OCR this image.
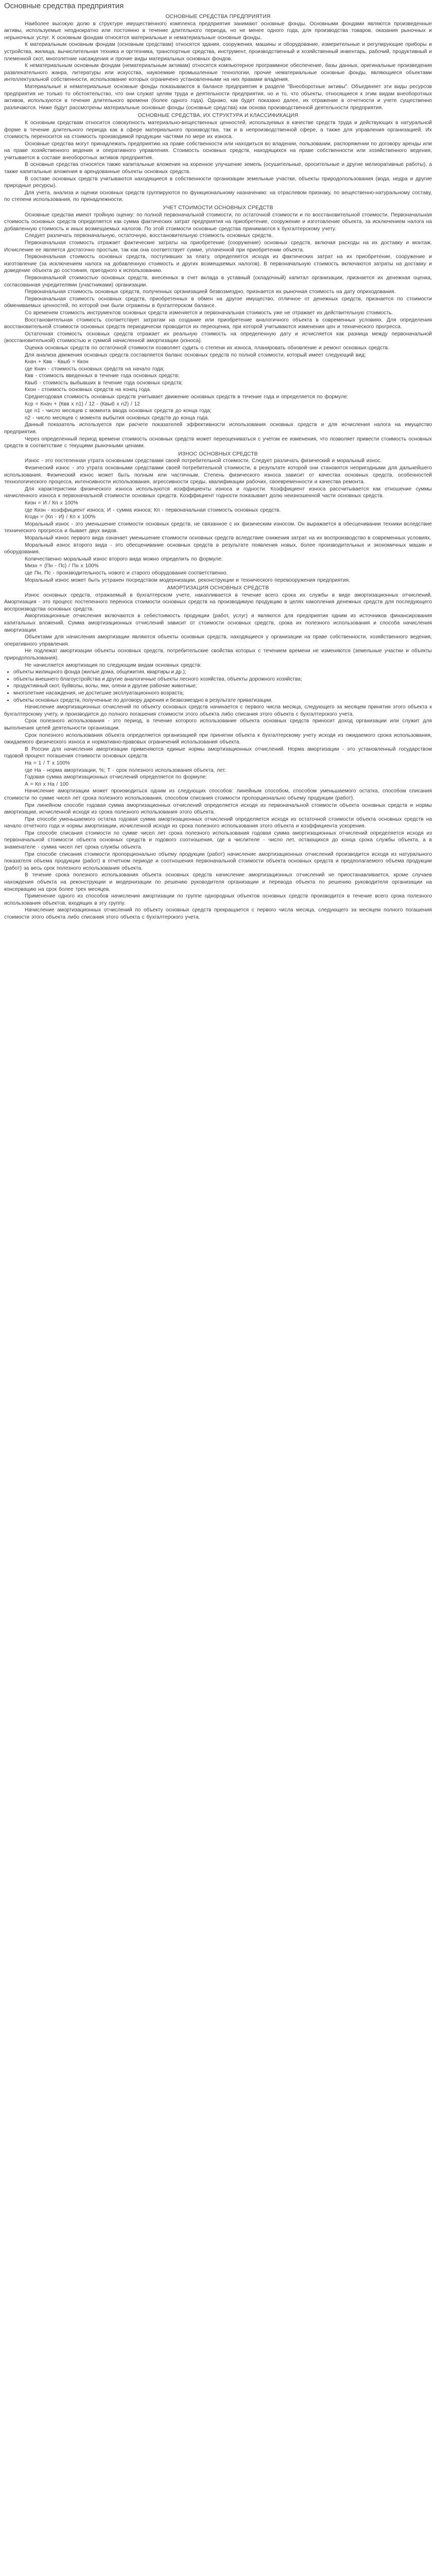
Основные средства предприятия
ОСНОВНЫЕ СРЕДСТВА ПРЕДПРИЯТИЯ

Наиболее высокую долю в структуре имущественного комплекса предприятия занимают основные фонды. Основными фондами являются произведенные активы, используемые неоднократно или постоянно в течение длительного периода, но не менее одного года, для производства товаров, оказания рыночных и нерыночных услуг. К основным фондам относятся материальные и нематериальные основные фонды.

К материальным основным фондам (основным средствам) относятся здания, сооружения, машины и оборудование, измерительные и регулирующие приборы и устройства, жилища, вычислительная техника и оргтехника, транспортные средства, инструмент, производственный и хозяйственный инвентарь, рабочий, продуктивный и племенной скот, многолетние насаждения и прочие виды материальных основных фондов.

К нематериальным основным фондам (нематериальным активам) относятся компьютерное программное обеспечение, базы данных, оригинальные произведения развлекательного жанра, литературы или искусства, наукоемкие промышленные технологии, прочие нематериальные основные фонды, являющиеся объектами интеллектуальной собственности, использование которых ограничено установленными на них правами владения.

Материальные и нематериальные основные фонды показываются в балансе предприятия в разделе "Внеоборотные активы". Объединяет эти виды ресурсов предприятия не только то обстоятельство, что они служат целям труда и деятельности предприятия, но и то, что объекты, относящиеся к этим видам внеоборотных активов, используются в течение длительного времени (более одного года). Однако, как будет показано далее, их отражение в отчетности и учете существенно различаются. Ниже будут рассмотрены материальные основные фонды (основные средства) как основа производственной деятельности предприятия.

ОСНОВНЫЕ СРЕДСТВА, ИХ СТРУКТУРА И КЛАССИФИКАЦИЯ

К основным средствам относится совокупность материально-вещественных ценностей, используемых в качестве средств труда и действующих в натуральной форме в течение длительного периода как в сфере материального производства, так и в непроизводственной сфере, а также для управления организацией. Их стоимость переносится на стоимость производимой продукции частями по мере их износа.

Основные средства могут принадлежать предприятию на праве собственности или находиться во владении, пользовании, распоряжении по договору аренды или на праве хозяйственного ведения и оперативного управления. Стоимость основных средств, находящихся на праве собственности или хозяйственного ведения, учитывается в составе внеоборотных активов предприятия.

В основные средства относятся также капитальные вложения на коренное улучшение земель (осушительные, оросительные и другие мелиоративные работы), а также капитальные вложения в арендованные объекты основных средств.

В составе основных средств учитываются находящиеся в собственности организации земельные участки, объекты природопользования (вода, недра и другие природные ресурсы).

Для учета, анализа и оценки основных средств группируются по функциональному назначению: на отраслевом признаку, по вещественно-натуральному составу, по степени использования, по принадлежности.

УЧЕТ СТОИМОСТИ ОСНОВНЫХ СРЕДСТВ

Основные средства имеют тройную оценку: по полной первоначальной стоимости, по остаточной стоимости и по восстановительной стоимости. Первоначальная стоимость основных средств определяется как сумма фактических затрат предприятия на приобретение, сооружение и изготовление объекта, за исключением налога на добавленную стоимость и иных возмещаемых налогов. По этой стоимости основные средства принимаются к бухгалтерскому учету.

Следует различать первоначальную, остаточную, восстановительную стоимость основных средств.

Первоначальная стоимость отражает фактические затраты на приобретение (сооружение) основных средств, включая расходы на их доставку и монтаж. Исчисление ее является достаточно простым, так как она соответствует сумме, уплаченной при приобретении объекта.

Первоначальная стоимость основных средств, поступивших за плату, определяется исходя из фактических затрат на их приобретение, сооружение и изготовление (за исключением налога на добавленную стоимость и других возмещаемых налогов). В первоначальную стоимость включаются затраты на доставку и доведение объекта до состояния, пригодного к использованию.

Первоначальной стоимостью основных средств, внесенных в счет вклада в уставный (складочный) капитал организации, признается их денежная оценка, согласованная учредителями (участниками) организации.

Первоначальная стоимость основных средств, полученных организацией безвозмездно, признается их рыночная стоимость на дату оприходования.

Первоначальная стоимость основных средств, приобретенных в обмен на другое имущество, отличное от денежных средств, признается по стоимости обмениваемых ценностей, по которой они были отражены в бухгалтерском балансе.

Со временем стоимость инструментов основных средств изменяется и первоначальная стоимость уже не отражает их действительную стоимость.

Восстановительная стоимость соответствует затратам на создание или приобретение аналогичного объекта в современных условиях. Для определения восстановительной стоимости основных средств периодически проводится их переоценка, при которой учитываются изменения цен и технического прогресса.

Остаточная стоимость основных средств отражает их реальную стоимость на определенную дату и исчисляется как разница между первоначальной (восстановительной) стоимостью и суммой начисленной амортизации (износа).

Оценка основных средств по остаточной стоимости позволяет судить о степени их износа, планировать обновление и ремонт основных средств.

Для анализа движения основных средств составляется баланс основных средств по полной стоимости, который имеет следующий вид:

Кнач + Квв - Квыб = Ккон

где Кнач - стоимость основных средств на начало года;

Квв - стоимость введенных в течение года основных средств;

Квыб - стоимость выбывших в течение года основных средств;

Ккон - стоимость основных средств на конец года.

Среднегодовая стоимость основных средств учитывает движение основных средств в течение года и определяется по формуле:

Кср = Кнач + (Квв x n1) / 12 - (Квыб x n2) / 12

где n1 - число месяцев с момента ввода основных средств до конца года;

n2 - число месяцев с момента выбытия основных средств до конца года.

Данный показатель используется при расчете показателей эффективности использования основных средств и для исчисления налога на имущество предприятия.

Через определенный период времени стоимость основных средств может переоцениваться с учетом ее изменения, что позволяет привести стоимость основных средств в соответствие с текущими рыночными ценами.

ИЗНОС ОСНОВНЫХ СРЕДСТВ

Износ - это постепенная утрата основными средствами своей потребительной стоимости. Следует различать физический и моральный износ.

Физический износ - это утрата основными средствами своей потребительной стоимости, в результате которой они становятся непригодными для дальнейшего использования. Физический износ может быть полным или частичным. Степень физического износа зависит от качества основных средств, особенностей технологического процесса, интенсивности использования, агрессивности среды, квалификации рабочих, своевременности и качества ремонта.

Для характеристики физического износа используются коэффициенты износа и годности. Коэффициент износа рассчитывается как отношение суммы начисленного износа к первоначальной стоимости основных средств. Коэффициент годности показывает долю неизношенной части основных средств.

Кизн = И / Кп x 100%

где Кизн - коэффициент износа; И - сумма износа; Кп - первоначальная стоимость основных средств.

Кгодн = (Кп - И) / Кп x 100%

Моральный износ - это уменьшение стоимости основных средств, не связанное с их физическим износом. Он выражается в обесценивании техники вследствие технического прогресса и бывает двух видов.

Моральный износ первого вида означает уменьшение стоимости основных средств вследствие снижения затрат на их воспроизводство в современных условиях.

Моральный износ второго вида - это обесценивание основных средств в результате появления новых, более производительных и экономичных машин и оборудования.

Количественно моральный износ второго вида можно определить по формуле:

Мизн = (Пн - Пс) / Пн x 100%

где Пн, Пс - производительность нового и старого оборудования соответственно.

Моральный износ может быть устранен посредством модернизации, реконструкции и технического перевооружения предприятия.

АМОРТИЗАЦИЯ ОСНОВНЫХ СРЕДСТВ

Износ основных средств, отражаемый в бухгалтерском учете, накапливается в течение всего срока их службы в виде амортизационных отчислений. Амортизация - это процесс постепенного переноса стоимости основных средств на производимую продукцию в целях накопления денежных средств для последующего воспроизводства основных средств.

Амортизационные отчисления включаются в себестоимость продукции (работ, услуг) и являются для предприятия одним из источников финансирования капитальных вложений. Сумма амортизационных отчислений зависит от стоимости основных средств, срока их полезного использования и способа начисления амортизации.

Объектами для начисления амортизации являются объекты основных средств, находящиеся у организации на праве собственности, хозяйственного ведения, оперативного управления.

Не подлежат амортизации объекты основных средств, потребительские свойства которых с течением времени не изменяются (земельные участки и объекты природопользования).

Не начисляется амортизация по следующим видам основных средств:

• объекты жилищного фонда (жилые дома, общежития, квартиры и др.);
• объекты внешнего благоустройства и другие аналогичные объекты лесного хозяйства, объекты дорожного хозяйства;
• продуктивный скот, буйволы, волы, яки, олени и другие рабочие животные;
• многолетние насаждения, не достигшие эксплуатационного возраста;
• объекты основных средств, полученные по договору дарения и безвозмездно в результате приватизации.

Начисление амортизационных отчислений по объекту основных средств начинается с первого числа месяца, следующего за месяцем принятия этого объекта к бухгалтерскому учету, и производится до полного погашения стоимости этого объекта либо списания этого объекта с бухгалтерского учета.

Срок полезного использования - это период, в течение которого использование объекта основных средств приносит доход организации или служит для выполнения целей деятельности организации.

Срок полезного использования объекта определяется организацией при принятии объекта к бухгалтерскому учету исходя из ожидаемого срока использования, ожидаемого физического износа и нормативно-правовых ограничений использования объекта.

В России для начисления амортизации применяются единые нормы амортизационных отчислений. Норма амортизации - это установленный государством годовой процент погашения стоимости основных средств.

На = 1 / Т x 100%

где На - норма амортизации, %; Т - срок полезного использования объекта, лет.

Годовая сумма амортизационных отчислений определяется по формуле:

А = Кп x На / 100

Начисление амортизации может производиться одним из следующих способов: линейным способом, способом уменьшаемого остатка, способом списания стоимости по сумме чисел лет срока полезного использования, способом списания стоимости пропорционально объему продукции (работ).

При линейном способе годовая сумма амортизационных отчислений определяется исходя из первоначальной стоимости объекта основных средств и нормы амортизации, исчисленной исходя из срока полезного использования этого объекта.

При способе уменьшаемого остатка годовая сумма амортизационных отчислений определяется исходя из остаточной стоимости объекта основных средств на начало отчетного года и нормы амортизации, исчисленной исходя из срока полезного использования этого объекта и коэффициента ускорения.

При способе списания стоимости по сумме чисел лет срока полезного использования годовая сумма амортизационных отчислений определяется исходя из первоначальной стоимости объекта основных средств и годового соотношения, где в числителе - число лет, остающихся до конца срока службы объекта, а в знаменателе - сумма чисел лет срока службы объекта.

При способе списания стоимости пропорционально объему продукции (работ) начисление амортизационных отчислений производится исходя из натурального показателя объема продукции (работ) в отчетном периоде и соотношения первоначальной стоимости объекта основных средств и предполагаемого объема продукции (работ) за весь срок полезного использования объекта.

В течение срока полезного использования объекта основных средств начисление амортизационных отчислений не приостанавливается, кроме случаев нахождения объекта на реконструкции и модернизации по решению руководителя организации и перевода объекта по решению руководителя организации на консервацию на срок более трех месяцев.

Применение одного из способов начисления амортизации по группе однородных объектов основных средств производится в течение всего срока полезного использования объектов, входящих в эту группу.

Начисление амортизационных отчислений по объекту основных средств прекращается с первого числа месяца, следующего за месяцем полного погашения стоимости этого объекта либо списания этого объекта с бухгалтерского учета.
